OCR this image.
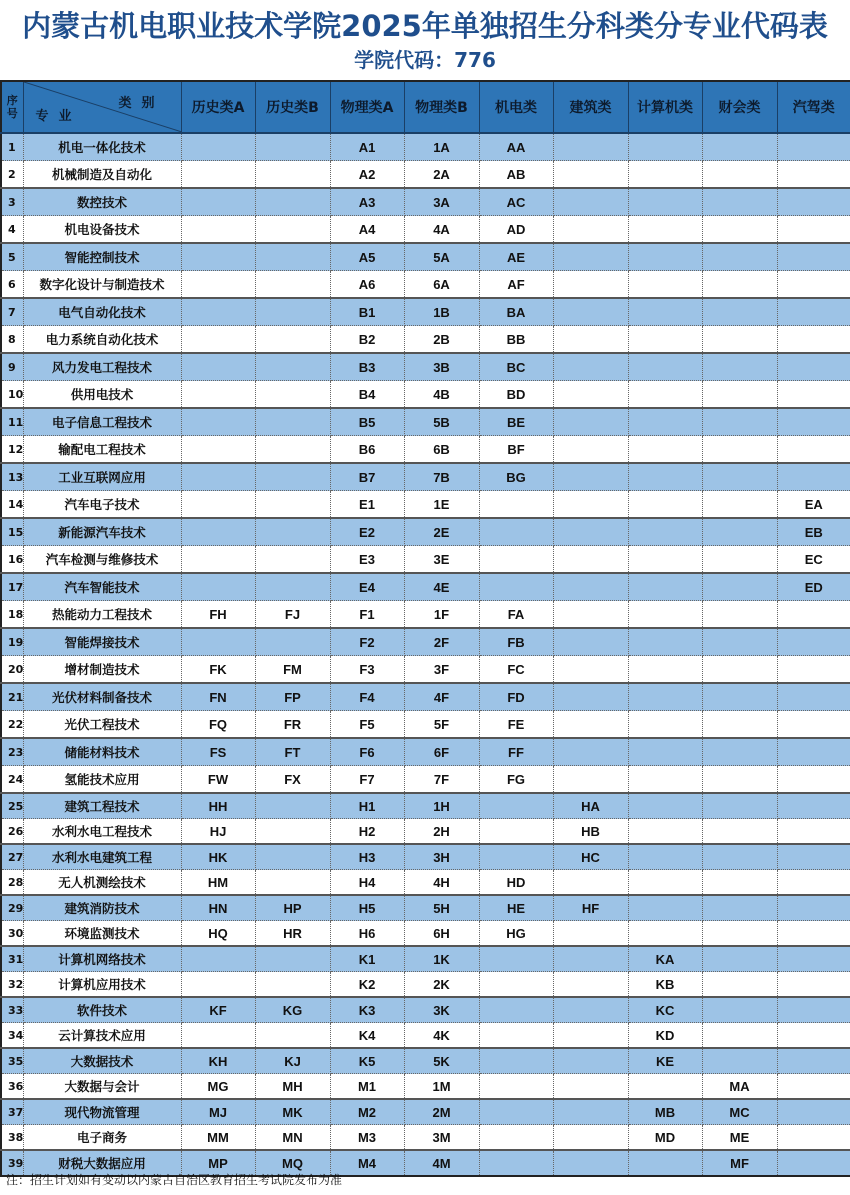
内蒙古机电职业技术学院2025年单独招生分科类分专业代码表
学院代码：776
序号	类别
专业	历史类A	历史类B	物理类A	物理类B	机电类	建筑类	计算机类	财会类	汽驾类
1	机电一体化技术			A1	1A	AA				
2	机械制造及自动化			A2	2A	AB				
3	数控技术			A3	3A	AC				
4	机电设备技术			A4	4A	AD				
5	智能控制技术			A5	5A	AE				
6	数字化设计与制造技术			A6	6A	AF				
7	电气自动化技术			B1	1B	BA				
8	电力系统自动化技术			B2	2B	BB				
9	风力发电工程技术			B3	3B	BC				
10	供用电技术			B4	4B	BD				
11	电子信息工程技术			B5	5B	BE				
12	输配电工程技术			B6	6B	BF				
13	工业互联网应用			B7	7B	BG				
14	汽车电子技术			E1	1E					EA
15	新能源汽车技术			E2	2E					EB
16	汽车检测与维修技术			E3	3E					EC
17	汽车智能技术			E4	4E					ED
18	热能动力工程技术	FH	FJ	F1	1F	FA				
19	智能焊接技术			F2	2F	FB				
20	增材制造技术	FK	FM	F3	3F	FC				
21	光伏材料制备技术	FN	FP	F4	4F	FD				
22	光伏工程技术	FQ	FR	F5	5F	FE				
23	储能材料技术	FS	FT	F6	6F	FF				
24	氢能技术应用	FW	FX	F7	7F	FG				
25	建筑工程技术	HH		H1	1H		HA			
26	水利水电工程技术	HJ		H2	2H		HB			
27	水利水电建筑工程	HK		H3	3H		HC			
28	无人机测绘技术	HM		H4	4H	HD				
29	建筑消防技术	HN	HP	H5	5H	HE	HF			
30	环境监测技术	HQ	HR	H6	6H	HG				
31	计算机网络技术			K1	1K			KA		
32	计算机应用技术			K2	2K			KB		
33	软件技术	KF	KG	K3	3K			KC		
34	云计算技术应用			K4	4K			KD		
35	大数据技术	KH	KJ	K5	5K			KE		
36	大数据与会计	MG	MH	M1	1M				MA	
37	现代物流管理	MJ	MK	M2	2M			MB	MC	
38	电子商务	MM	MN	M3	3M			MD	ME	
39	财税大数据应用	MP	MQ	M4	4M				MF	
注：招生计划如有变动以内蒙古自治区教育招生考试院发布为准
